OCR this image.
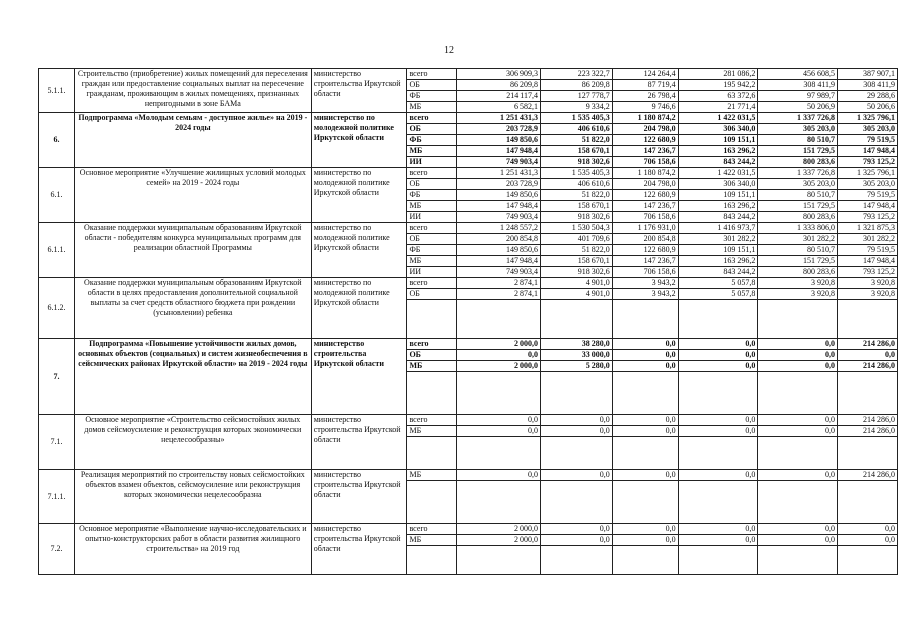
12
5.1.1.	Строительство (приобретение) жилых помещений для переселения граждан или предоставление социальных выплат на пересечение гражданам, проживающим в жилых помещениях, признанных непригодными в зоне БАМа	министерство строительства Иркутской области	всего	306 909,3	223 322,7	124 264,4	281 086,2	456 608,5	387 907,1
			ОБ	86 209,8	86 209,8	87 719,4	195 942,2	308 411,9	308 411,9
			ФБ	214 117,4	127 778,7	26 798,4	63 372,6	97 989,7	29 288,6
			МБ	6 582,1	9 334,2	9 746,6	21 771,4	50 206,9	50 206,6
6.	Подпрограмма «Молодым семьям - доступное жилье» на 2019 - 2024 годы	министерство по молодежной политике Иркутской области	всего	1 251 431,3	1 535 405,3	1 180 874,2	1 422 031,5	1 337 726,8	1 325 796,1
			ОБ	203 728,9	406 610,6	204 798,0	306 340,0	305 203,0	305 203,0
			ФБ	149 850,6	51 822,0	122 680,9	109 151,1	80 510,7	79 519,5
			МБ	147 948,4	158 670,1	147 236,7	163 296,2	151 729,5	147 948,4
			ИИ	749 903,4	918 302,6	706 158,6	843 244,2	800 283,6	793 125,2
6.1.	Основное мероприятие «Улучшение жилищных условий молодых семей» на 2019 - 2024 годы	министерство по молодежной политике Иркутской области	всего	1 251 431,3	1 535 405,3	1 180 874,2	1 422 031,5	1 337 726,8	1 325 796,1
			ОБ	203 728,9	406 610,6	204 798,0	306 340,0	305 203,0	305 203,0
			ФБ	149 850,6	51 822,0	122 680,9	109 151,1	80 510,7	79 519,5
			МБ	147 948,4	158 670,1	147 236,7	163 296,2	151 729,5	147 948,4
			ИИ	749 903,4	918 302,6	706 158,6	843 244,2	800 283,6	793 125,2
6.1.1.	Оказание поддержки муниципальным образованиям Иркутской области - победителям конкурса муниципальных программ для реализации областной Программы	министерство по молодежной политике Иркутской области	всего	1 248 557,2	1 530 504,3	1 176 931,0	1 416 973,7	1 333 806,0	1 321 875,3
			ОБ	200 854,8	401 709,6	200 854,8	301 282,2	301 282,2	301 282,2
			ФБ	149 850,6	51 822,0	122 680,9	109 151,1	80 510,7	79 519,5
			МБ	147 948,4	158 670,1	147 236,7	163 296,2	151 729,5	147 948,4
			ИИ	749 903,4	918 302,6	706 158,6	843 244,2	800 283,6	793 125,2
6.1.2.	Оказание поддержки муниципальным образованиям Иркутской области в целях предоставления дополнительной социальной выплаты за счет средств областного бюджета при рождении (усыновлении) ребенка	министерство по молодежной политике Иркутской области	всего	2 874,1	4 901,0	3 943,2	5 057,8	3 920,8	3 920,8
			ОБ	2 874,1	4 901,0	3 943,2	5 057,8	3 920,8	3 920,8

7.	Подпрограмма «Повышение устойчивости жилых домов, основных объектов (социальных) и систем жизнеобеспечения в сейсмических районах Иркутской области» на 2019 - 2024 годы	министерство строительства Иркутской области	всего	2 000,0	38 280,0	0,0	0,0	0,0	214 286,0
			ОБ	0,0	33 000,0	0,0	0,0	0,0	0,0
			МБ	2 000,0	5 280,0	0,0	0,0	0,0	214 286,0

7.1.	Основное мероприятие «Строительство сейсмостойких жилых домов сейсмоусиление и реконструкция которых экономически нецелесообразны»	министерство строительства Иркутской области	всего	0,0	0,0	0,0	0,0	0,0	214 286,0
			МБ	0,0	0,0	0,0	0,0	0,0	214 286,0

7.1.1.	Реализация мероприятий по строительству новых сейсмостойких объектов взамен объектов, сейсмоусиление или реконструкция которых экономически нецелесообразна	министерство строительства Иркутской области	МБ	0,0	0,0	0,0	0,0	0,0	214 286,0

7.2.	Основное мероприятие «Выполнение научно-исследовательских и опытно-конструкторских работ в области развития жилищного строительства» на 2019 год	министерство строительства Иркутской области	всего	2 000,0	0,0	0,0	0,0	0,0	0,0
			МБ	2 000,0	0,0	0,0	0,0	0,0	0,0
